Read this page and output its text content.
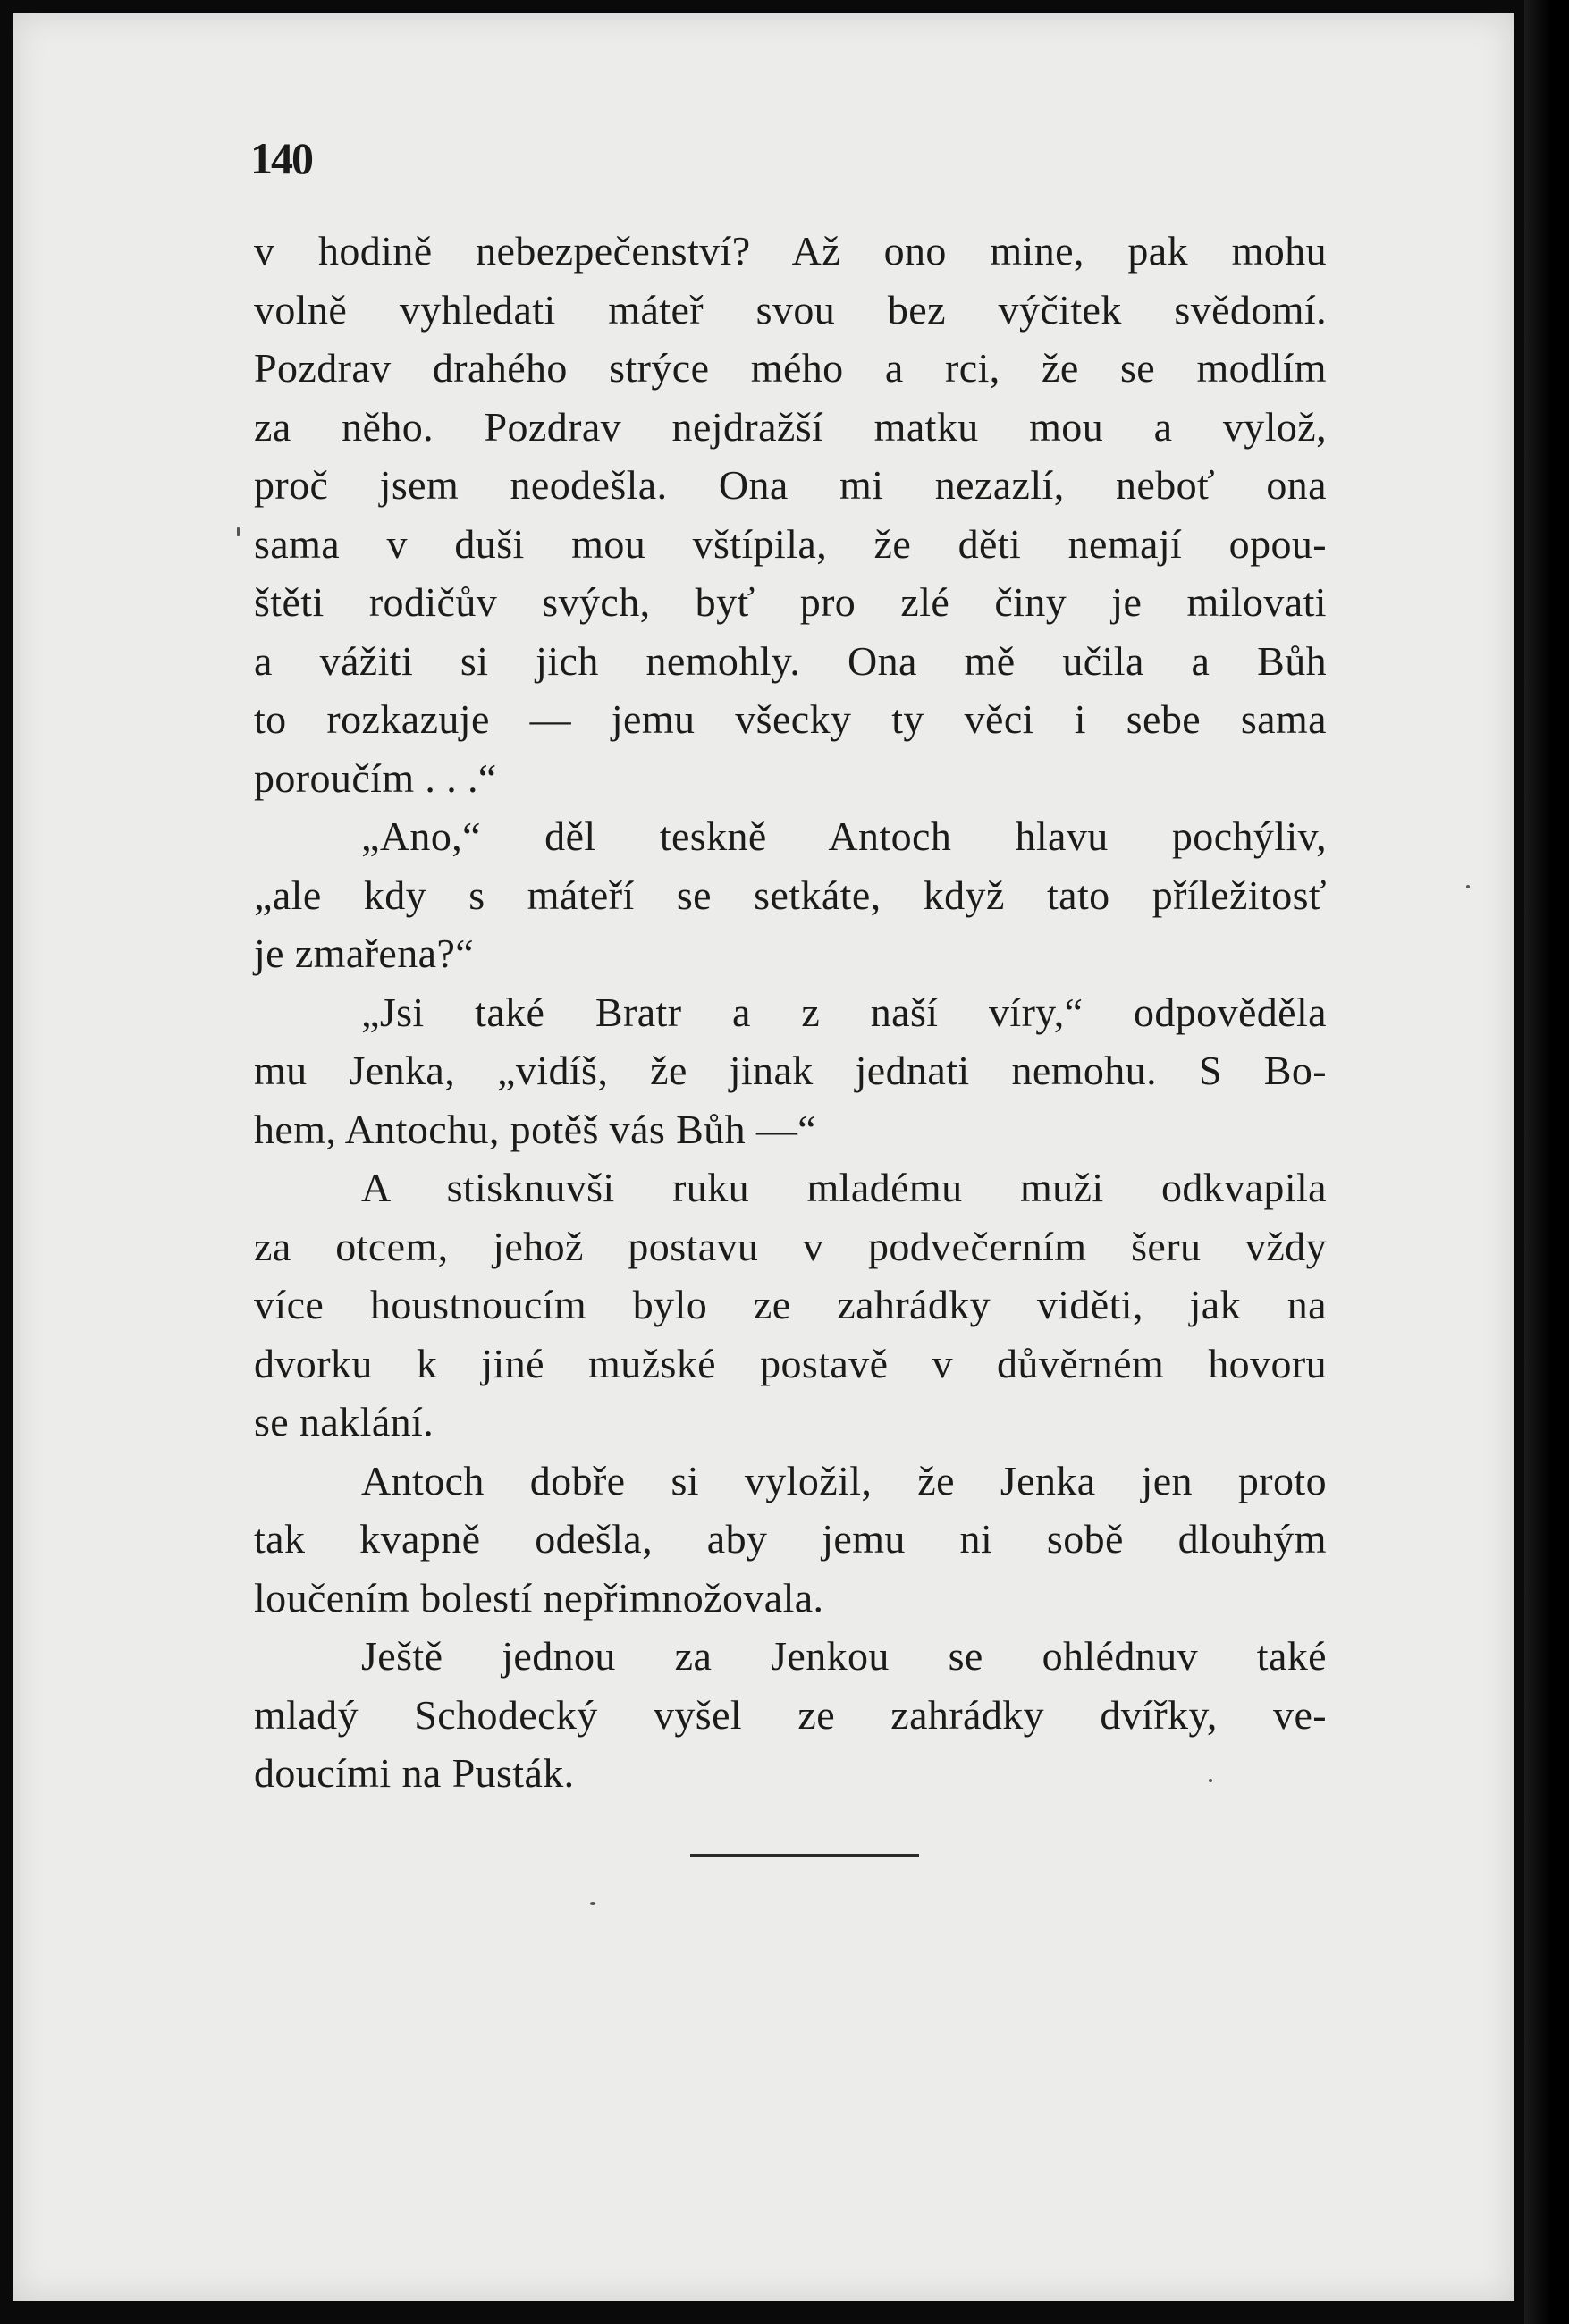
140
v hodině nebezpečenství? Až ono mine, pak mohu
volně vyhledati máteř svou bez výčitek svědomí.
Pozdrav drahého strýce mého a rci, že se modlím
za něho. Pozdrav nejdražší matku mou a vylož,
proč jsem neodešla. Ona mi nezazlí, neboť ona
sama v duši mou vštípila, že děti nemají opou-
štěti rodičův svých, byť pro zlé činy je milovati
a vážiti si jich nemohly. Ona mě učila a Bůh
to rozkazuje — jemu všecky ty věci i sebe sama
poroučím . . .“
„Ano,“ děl teskně Antoch hlavu pochýliv,
„ale kdy s máteří se setkáte, když tato příležitosť
je zmařena?“
„Jsi také Bratr a z naší víry,“ odpověděla
mu Jenka, „vidíš, že jinak jednati nemohu. S Bo-
hem, Antochu, potěš vás Bůh —“
A stisknuvši ruku mladému muži odkvapila
za otcem, jehož postavu v podvečerním šeru vždy
více houstnoucím bylo ze zahrádky viděti, jak na
dvorku k jiné mužské postavě v důvěrném hovoru
se naklání.
Antoch dobře si vyložil, že Jenka jen proto
tak kvapně odešla, aby jemu ni sobě dlouhým
loučením bolestí nepřimnožovala.
Ještě jednou za Jenkou se ohlédnuv také
mladý Schodecký vyšel ze zahrádky dvířky, ve-
doucími na Pusták.
